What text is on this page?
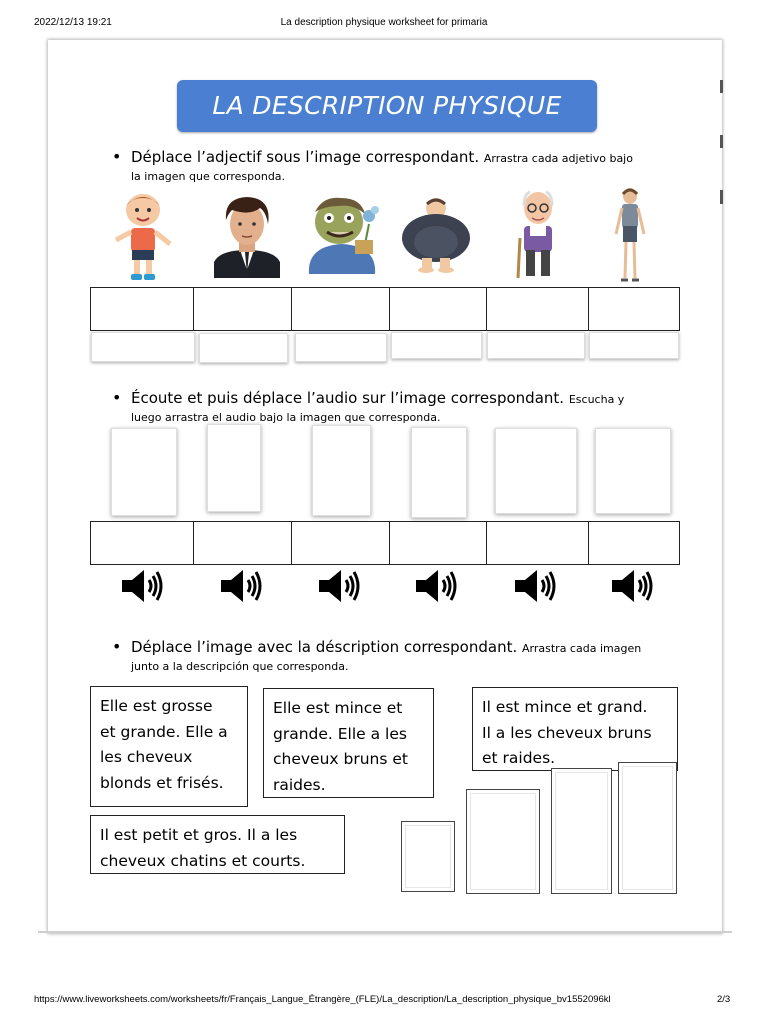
2022/12/13 19:21	La description physique worksheet for primaria
LA DESCRIPTION PHYSIQUE
• Déplace l’adjectif sous l’image correspondant. Arrastra cada adjetivo bajo
la imagen que corresponda.
• Écoute et puis déplace l’audio sur l’image correspondant. Escucha y
luego arrastra el audio bajo la imagen que corresponda.
• Déplace l’image avec la déscription correspondant. Arrastra cada imagen
junto a la descripción que corresponda.
Elle est grosse
et grande. Elle a
les cheveux
blonds et frisés.
Elle est mince et
grande. Elle a les
cheveux bruns et
raides.
Il est mince et grand.
Il a les cheveux bruns
et raides.
Il est petit et gros. Il a les
cheveux chatins et courts.
https://www.liveworksheets.com/worksheets/fr/Français_Langue_Étrangère_(FLE)/La_description/La_description_physique_bv1552096kl	2/3
